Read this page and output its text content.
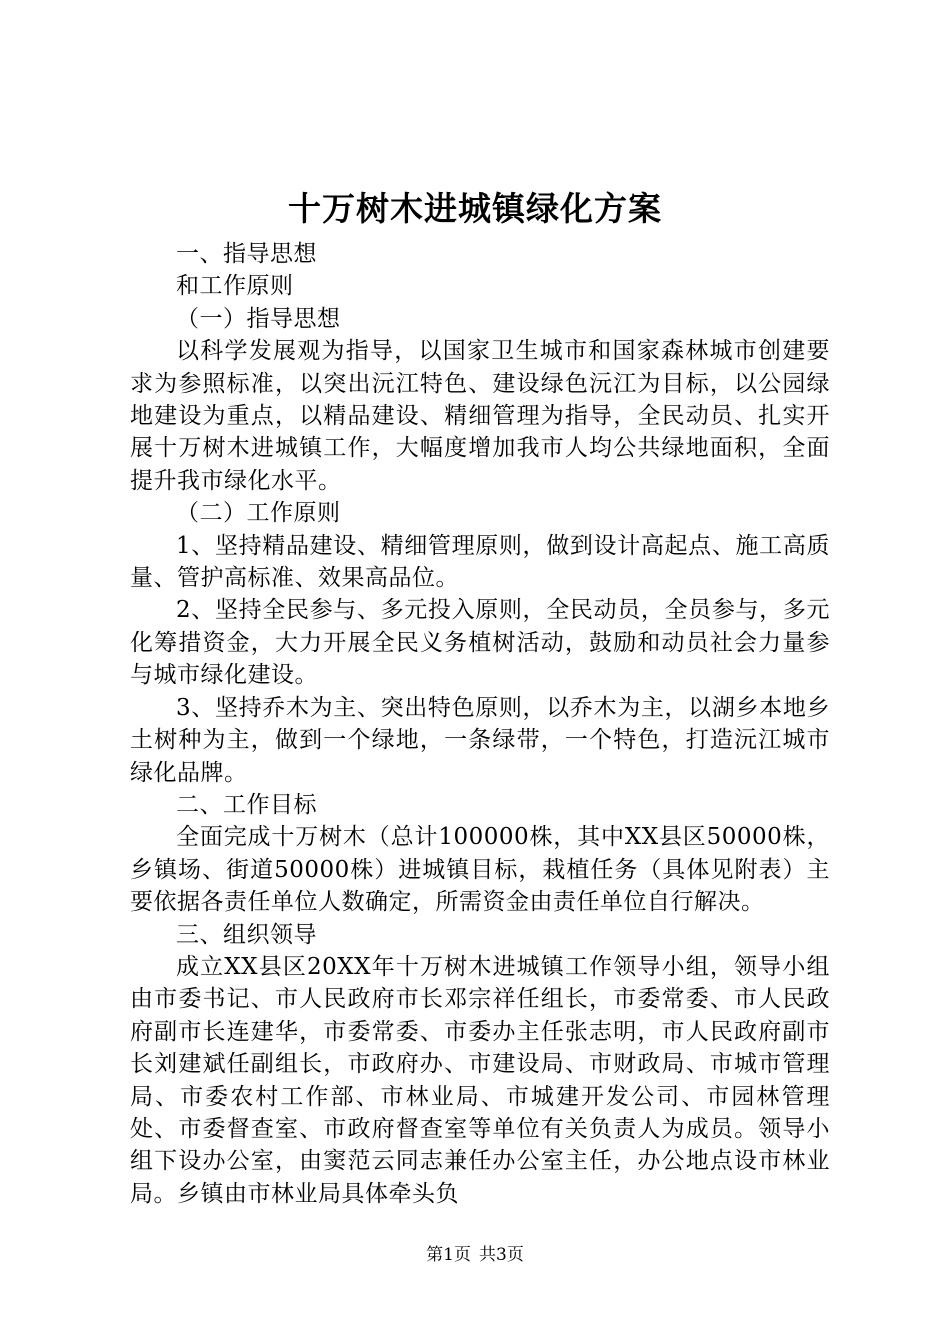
十万树木进城镇绿化方案

一、指导思想

和工作原则

（一）指导思想

以科学发展观为指导，以国家卫生城市和国家森林城市创建要求为参照标准，以突出沅江特色、建设绿色沅江为目标，以公园绿地建设为重点，以精品建设、精细管理为指导，全民动员、扎实开展十万树木进城镇工作，大幅度增加我市人均公共绿地面积，全面提升我市绿化水平。

（二）工作原则

1、坚持精品建设、精细管理原则，做到设计高起点、施工高质量、管护高标准、效果高品位。

2、坚持全民参与、多元投入原则，全民动员，全员参与，多元化筹措资金，大力开展全民义务植树活动，鼓励和动员社会力量参与城市绿化建设。

3、坚持乔木为主、突出特色原则，以乔木为主，以湖乡本地乡土树种为主，做到一个绿地，一条绿带，一个特色，打造沅江城市绿化品牌。

二、工作目标

全面完成十万树木（总计100000株，其中XX县区50000株，乡镇场、街道50000株）进城镇目标，栽植任务（具体见附表）主要依据各责任单位人数确定，所需资金由责任单位自行解决。

三、组织领导

成立XX县区20XX年十万树木进城镇工作领导小组，领导小组由市委书记、市人民政府市长邓宗祥任组长，市委常委、市人民政府副市长连建华，市委常委、市委办主任张志明，市人民政府副市长刘建斌任副组长，市政府办、市建设局、市财政局、市城市管理局、市委农村工作部、市林业局、市城建开发公司、市园林管理处、市委督查室、市政府督查室等单位有关负责人为成员。领导小组下设办公室，由窦范云同志兼任办公室主任，办公地点设市林业局。乡镇由市林业局具体牵头负

第1页 共3页
